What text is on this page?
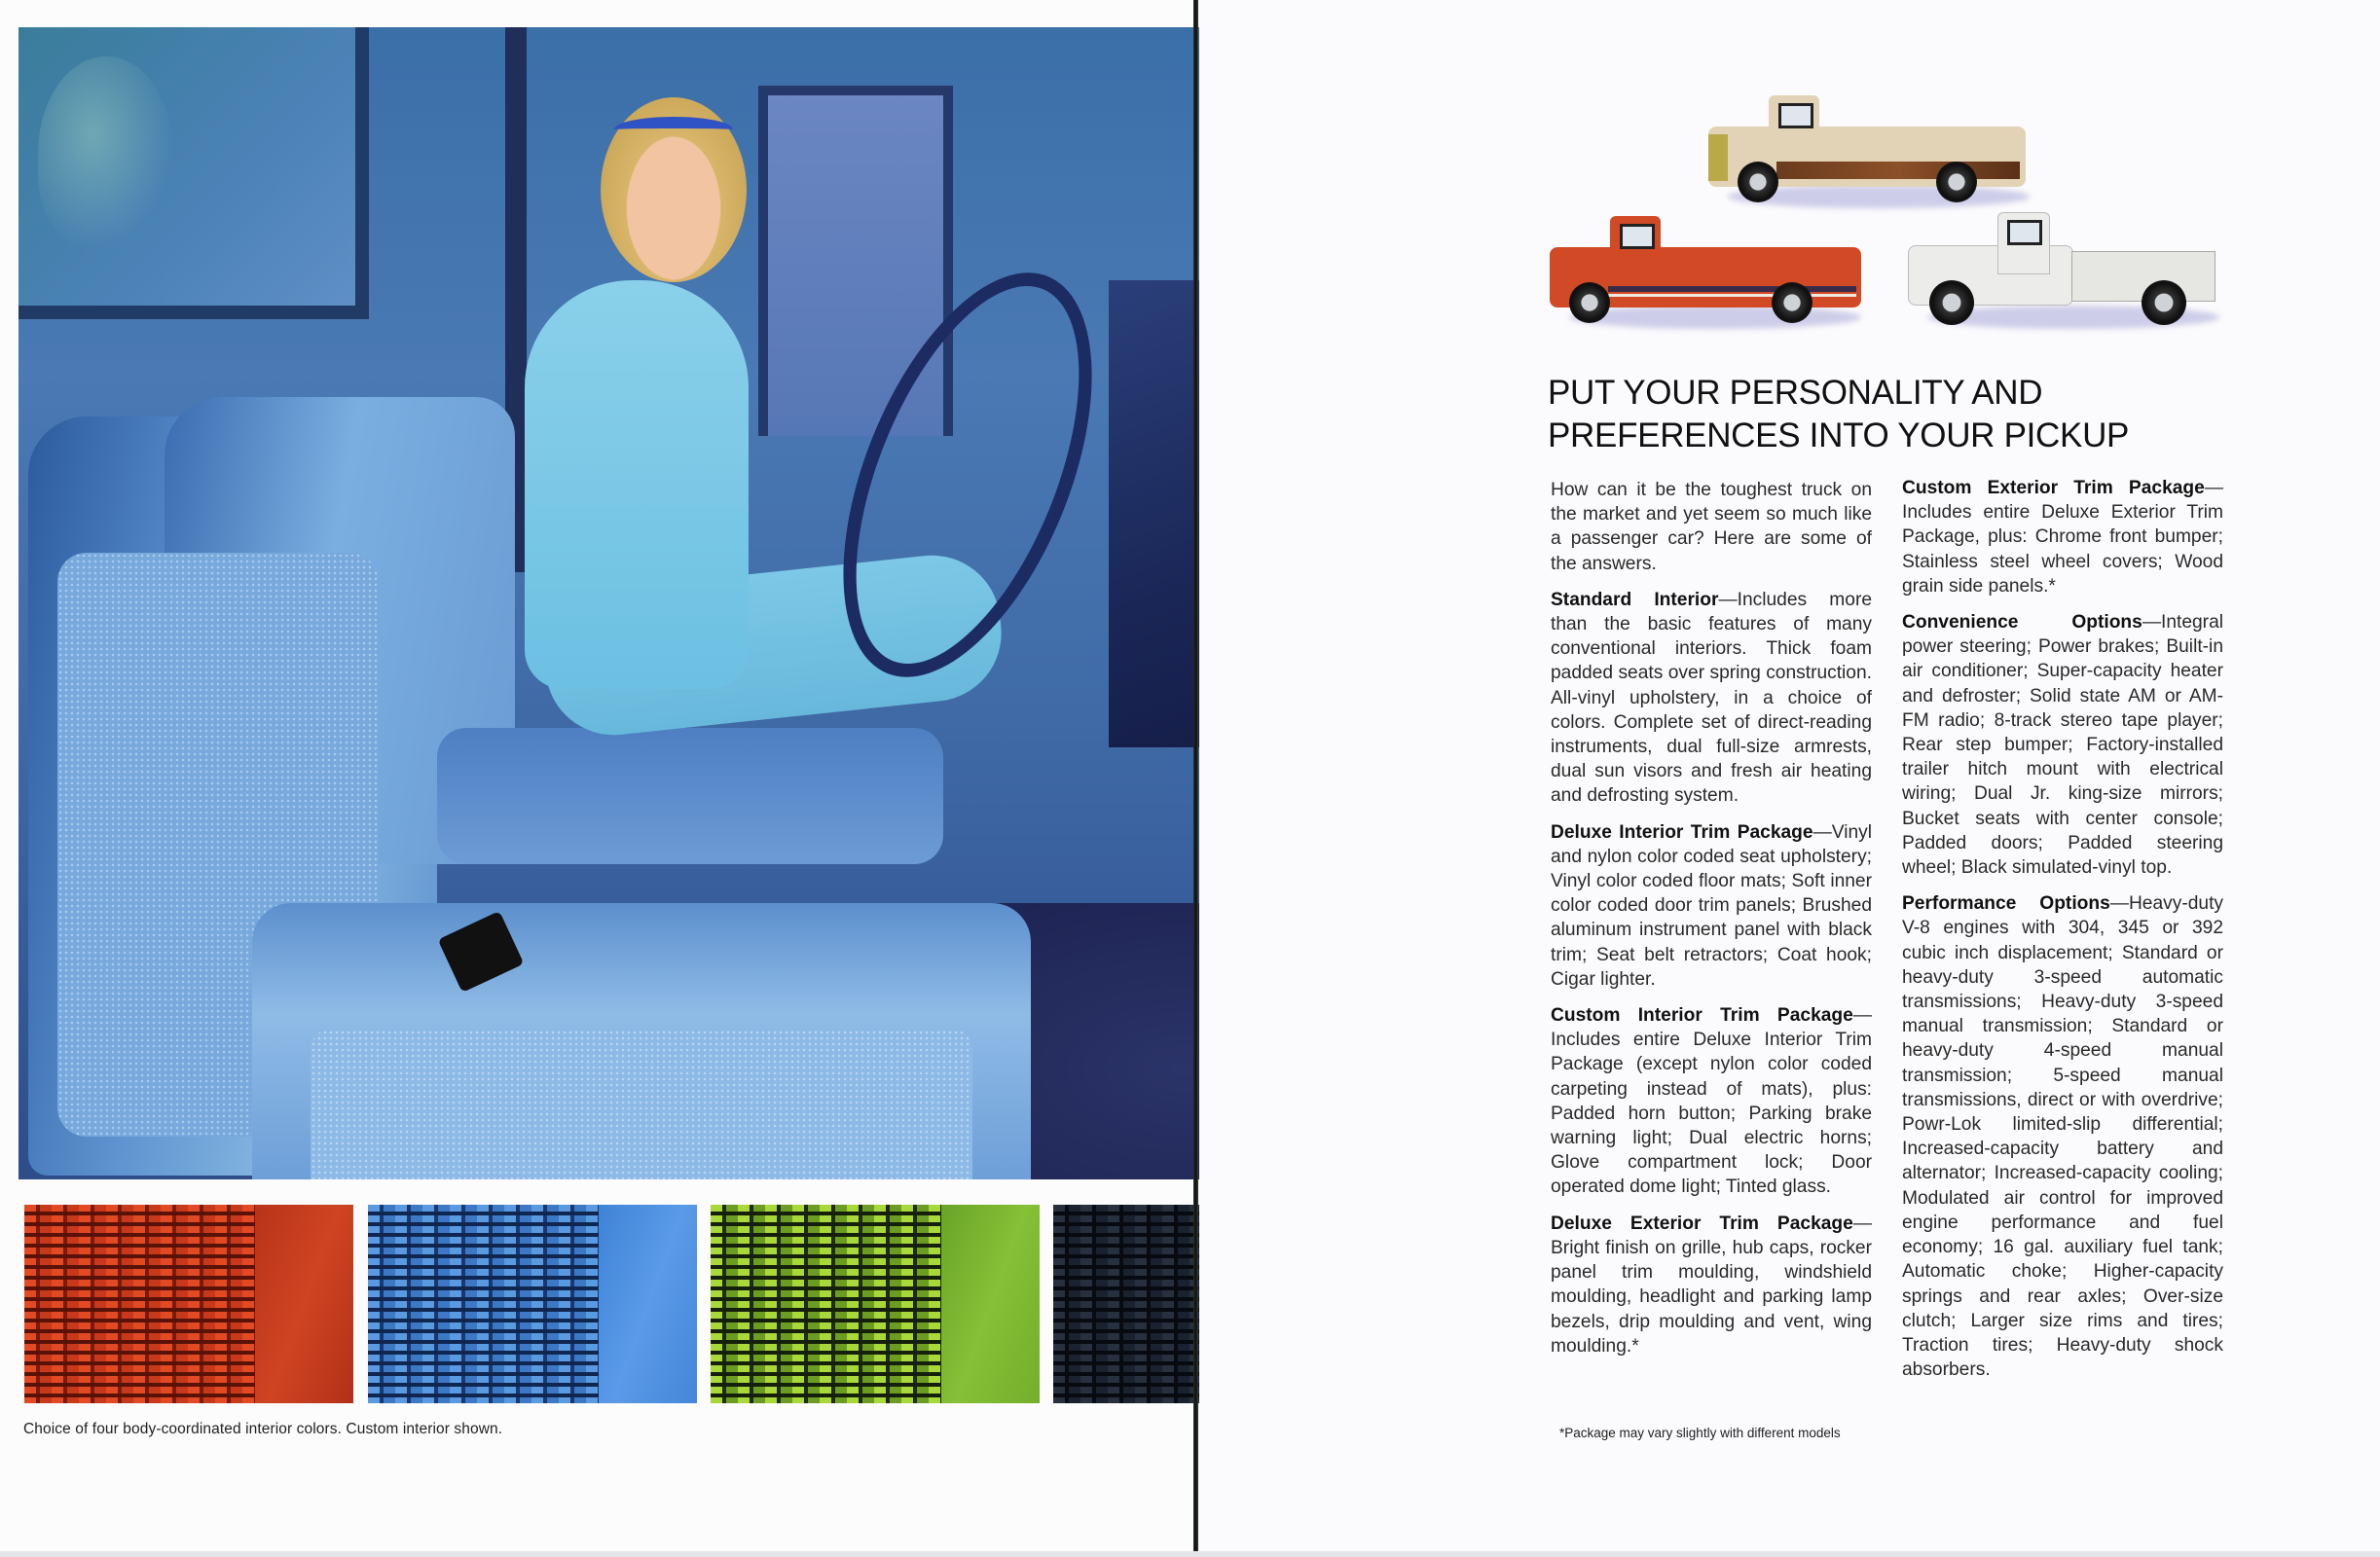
Choice of four body-coordinated interior colors. Custom interior shown.
PUT YOUR PERSONALITY AND
PREFERENCES INTO YOUR PICKUP

How can it be the toughest truck on the market and yet seem so much like a passenger car? Here are some of the answers.

Standard Interior—Includes more than the basic features of many conventional interiors. Thick foam padded seats over spring construction. All-vinyl upholstery, in a choice of colors. Complete set of direct-reading instruments, dual full-size armrests, dual sun visors and fresh air heating and defrosting system.

Deluxe Interior Trim Package—Vinyl and nylon color coded seat upholstery; Vinyl color coded floor mats; Soft inner color coded door trim panels; Brushed aluminum instrument panel with black trim; Seat belt retractors; Coat hook; Cigar lighter.

Custom Interior Trim Package—Includes entire Deluxe Interior Trim Package (except nylon color coded carpeting instead of mats), plus: Padded horn button; Parking brake warning light; Dual electric horns; Glove compartment lock; Door operated dome light; Tinted glass.

Deluxe Exterior Trim Package—Bright finish on grille, hub caps, rocker panel trim moulding, windshield moulding, headlight and parking lamp bezels, drip moulding and vent, wing moulding.*

Custom Exterior Trim Package—Includes entire Deluxe Exterior Trim Package, plus: Chrome front bumper; Stainless steel wheel covers; Wood grain side panels.*

Convenience Options—Integral power steering; Power brakes; Built-in air conditioner; Super-capacity heater and defroster; Solid state AM or AM-FM radio; 8-track stereo tape player; Rear step bumper; Factory-installed trailer hitch mount with electrical wiring; Dual Jr. king-size mirrors; Bucket seats with center console; Padded doors; Padded steering wheel; Black simulated-vinyl top.

Performance Options—Heavy-duty V-8 engines with 304, 345 or 392 cubic inch displacement; Standard or heavy-duty 3-speed automatic transmissions; Heavy-duty 3-speed manual transmission; Standard or heavy-duty 4-speed manual transmission; 5-speed manual transmissions, direct or with overdrive; Powr-Lok limited-slip differential; Increased-capacity battery and alternator; Increased-capacity cooling; Modulated air control for improved engine performance and fuel economy; 16 gal. auxiliary fuel tank; Automatic choke; Higher-capacity springs and rear axles; Over-size clutch; Larger size rims and tires; Traction tires; Heavy-duty shock absorbers.

*Package may vary slightly with different models
